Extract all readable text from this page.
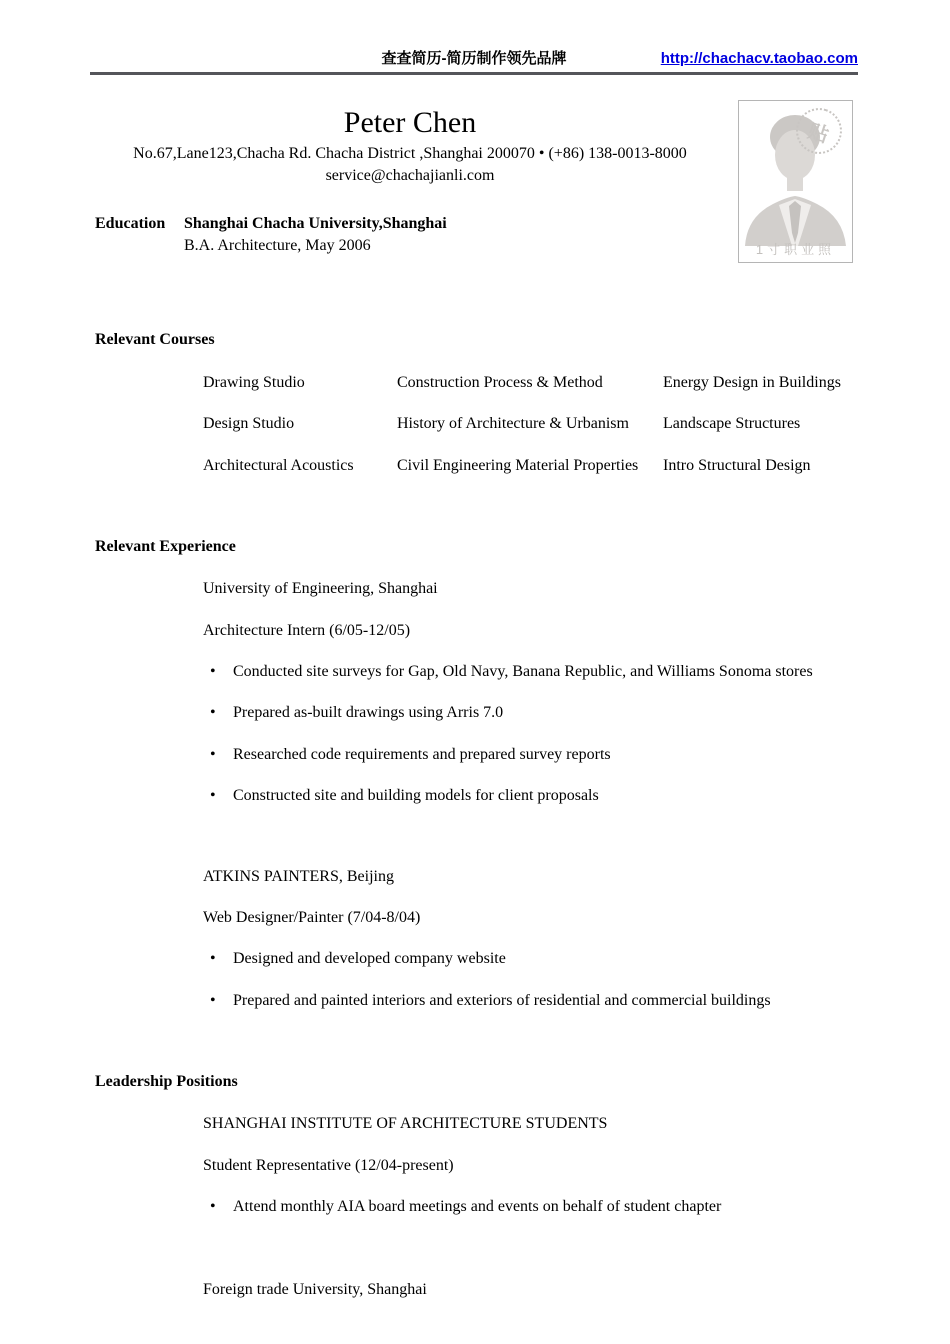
查查简历-简历制作领先品牌	http://chachacv.taobao.com
贴
1寸职业照
Peter Chen
No.67,Lane123,Chacha Rd. Chacha District ,Shanghai 200070 • (+86) 138-0013-8000
service@chachajianli.com
Education	Shanghai Chacha University,Shanghai
B.A. Architecture, May 2006
Relevant Courses
Drawing Studio	Construction Process & Method	Energy Design in Buildings
Design Studio	History of Architecture & Urbanism	Landscape Structures
Architectural Acoustics	Civil Engineering Material Properties	Intro Structural Design
Relevant Experience
University of Engineering, Shanghai
Architecture Intern (6/05-12/05)
•	Conducted site surveys for Gap, Old Navy, Banana Republic, and Williams Sonoma stores
•	Prepared as-built drawings using Arris 7.0
•	Researched code requirements and prepared survey reports
•	Constructed site and building models for client proposals
ATKINS PAINTERS, Beijing
Web Designer/Painter (7/04-8/04)
•	Designed and developed company website
•	Prepared and painted interiors and exteriors of residential and commercial buildings
Leadership Positions
SHANGHAI INSTITUTE OF ARCHITECTURE STUDENTS
Student Representative (12/04-present)
•	Attend monthly AIA board meetings and events on behalf of student chapter
Foreign trade University, Shanghai
